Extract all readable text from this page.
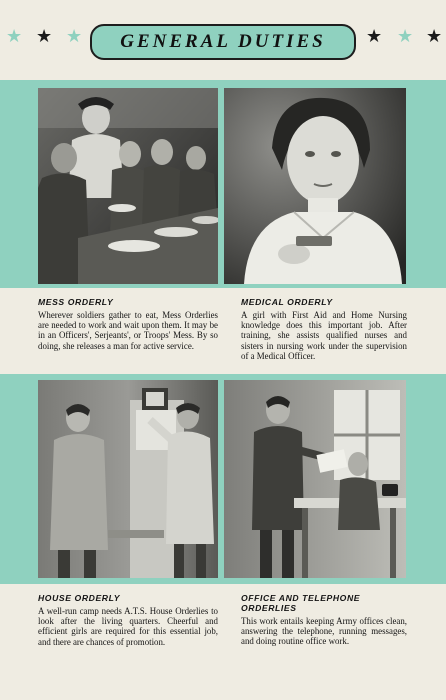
★ ★ ★ GENERAL DUTIES ★ ★ ★

MESS ORDERLY

Wherever soldiers gather to eat, Mess Orderlies are needed to work and wait upon them. It may be in an Officers', Serjeants', or Troops' Mess. By so doing, she releases a man for active service.

MEDICAL ORDERLY

A girl with First Aid and Home Nursing knowledge does this important job. After training, she assists qualified nurses and sisters in nursing work under the supervision of a Medical Officer.

HOUSE ORDERLY

A well-run camp needs A.T.S. House Orderlies to look after the living quarters. Cheerful and efficient girls are required for this essential job, and there are chances of promotion.

OFFICE AND TELEPHONE ORDERLIES

This work entails keeping Army offices clean, answering the telephone, running messages, and doing routine office work.
